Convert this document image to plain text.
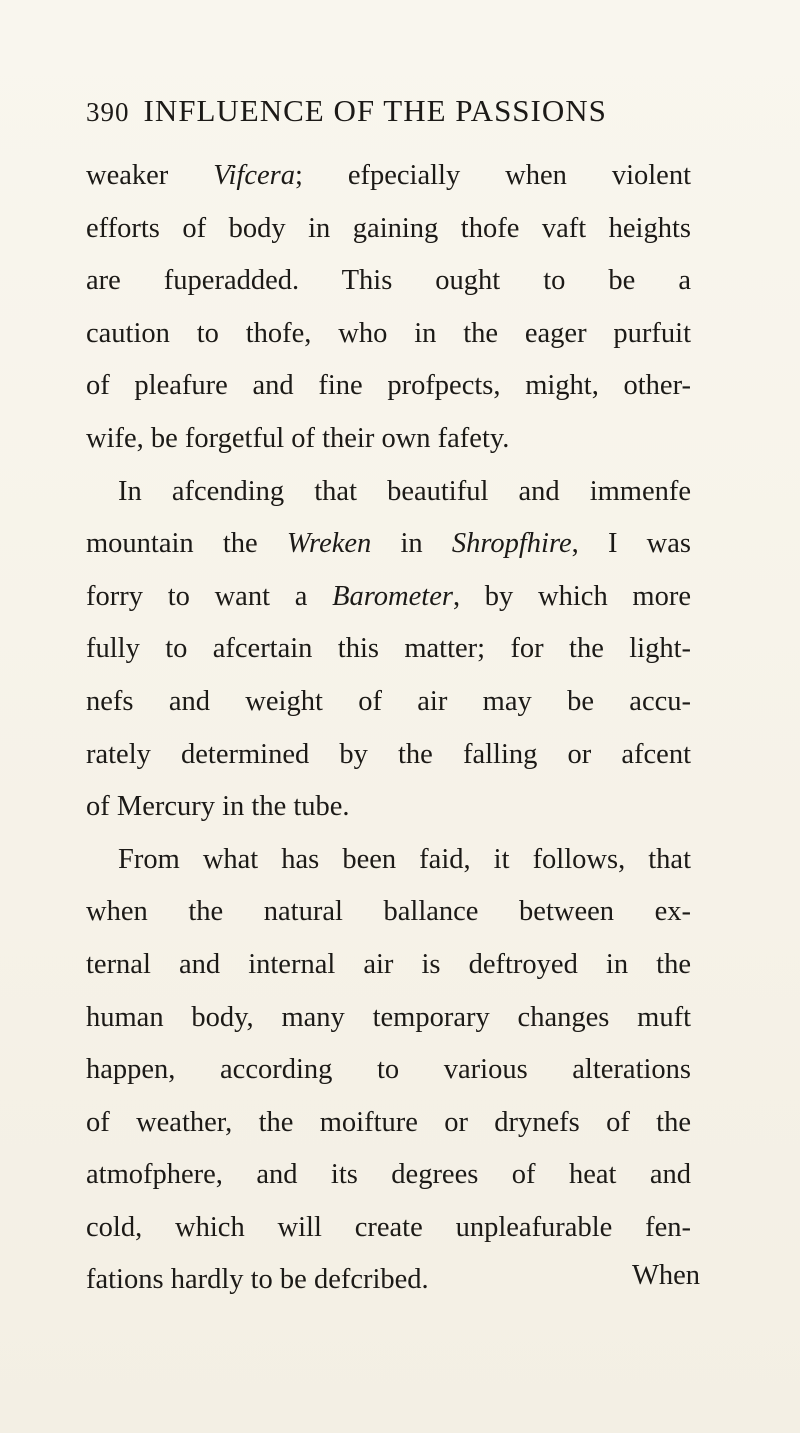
390 INFLUENCE OF THE PASSIONS
weaker Vifcera; efpecially when violent
efforts of body in gaining thofe vaft heights
are fuperadded. This ought to be a
caution to thofe, who in the eager purfuit
of pleafure and fine profpects, might, other-
wife, be forgetful of their own fafety.
In afcending that beautiful and immenfe
mountain the Wreken in Shropfhire, I was
forry to want a Barometer, by which more
fully to afcertain this matter; for the light-
nefs and weight of air may be accu-
rately determined by the falling or afcent
of Mercury in the tube.
From what has been faid, it follows, that
when the natural ballance between ex-
ternal and internal air is deftroyed in the
human body, many temporary changes muft
happen, according to various alterations
of weather, the moifture or drynefs of the
atmofphere, and its degrees of heat and
cold, which will create unpleafurable fen-
fations hardly to be defcribed.	When
